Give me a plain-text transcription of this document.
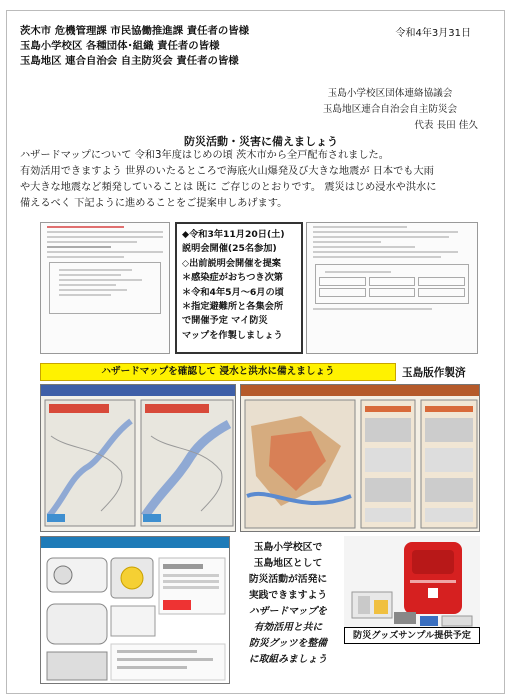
茨木市 危機管理課 市民協働推進課 責任者の皆様
玉島小学校区 各種団体･組織 責任者の皆様
玉島地区 連合自治会 自主防災会 責任者の皆様
令和4年3月31日
玉島小学校区団体連絡協議会
玉島地区連合自治会自主防災会
代表 長田 佳久
防災活動・災害に備えましょう

ハザードマップについて 令和3年度はじめの頃 茨木市から全戸配布されました。

有効活用できますよう 世界のいたるところで海底火山爆発及び大きな地震が 日本でも大雨

や大きな地震など頻発していることは 既に ご存じのとおりです。 震災はじめ浸水や洪水に

備えるべく 下記ように進めることをご提案申しあげます。

◆令和3年11月20日(土)
説明会開催(25名参加)
◇出前説明会開催を提案
＊感染症がおちつき次第
＊令和4年5月～6月の頃
＊指定避難所と各集会所
で開催予定 マイ防災
マップを作製しましょう
ハザードマップを確認して 浸水と洪水に備えましょう	玉島版作製済
玉島小学校区で
玉島地区として
防災活動が活発に
実践できますよう
ハザードマップを
有効活用と共に
防災グッツを整備
に取組みましょう
防災グッズサンプル提供予定
